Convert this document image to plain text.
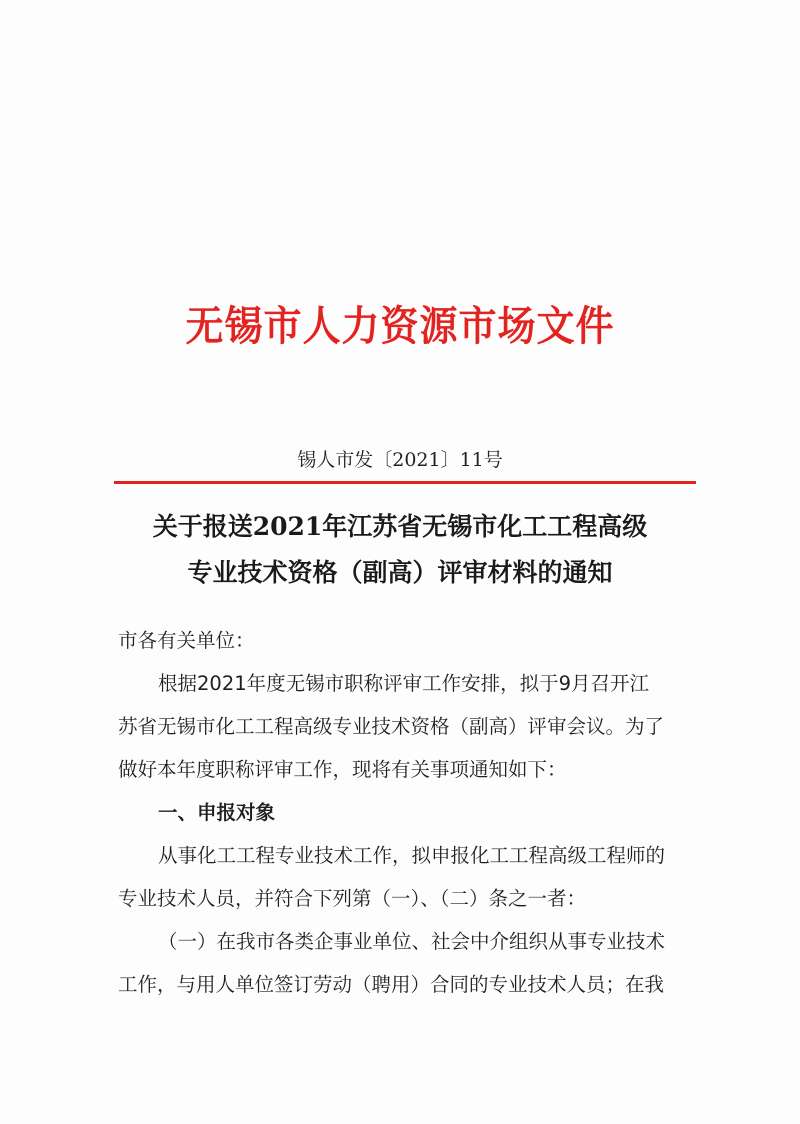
无锡市人力资源市场文件
锡人市发〔2021〕11号
关于报送2021年江苏省无锡市化工工程高级
专业技术资格（副高）评审材料的通知
市各有关单位：
根据2021年度无锡市职称评审工作安排，拟于9月召开江
苏省无锡市化工工程高级专业技术资格（副高）评审会议。为了
做好本年度职称评审工作，现将有关事项通知如下：
一、申报对象
从事化工工程专业技术工作，拟申报化工工程高级工程师的
专业技术人员，并符合下列第（一）、（二）条之一者：
（一）在我市各类企事业单位、社会中介组织从事专业技术
工作，与用人单位签订劳动（聘用）合同的专业技术人员；在我
